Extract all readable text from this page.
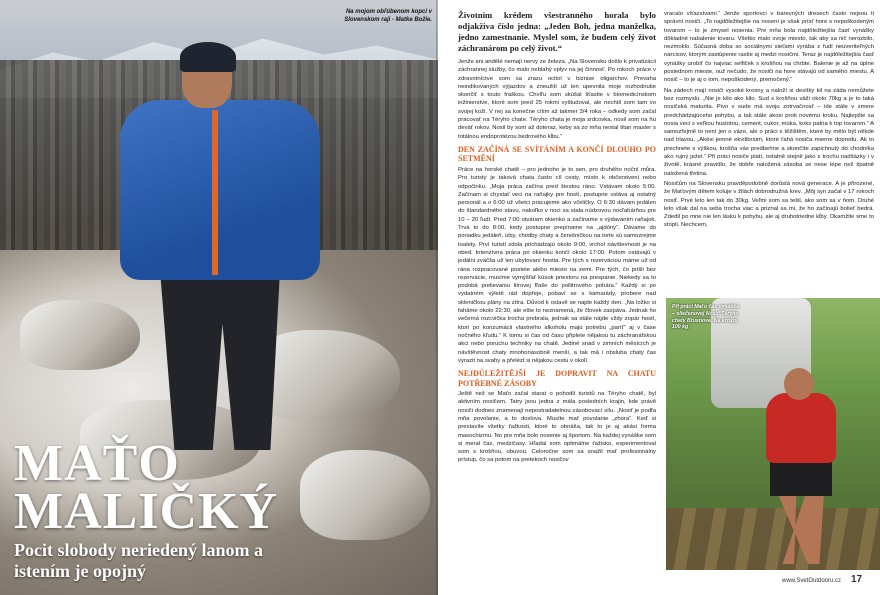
Na mojom obľúbenom kopci v Slovenskom raji - Matke Božie.
MAŤO
MALIČKÝ
Pocit slobody neriedený lanom a istením je opojný
Životním krédem všestranného horala bylo odjakživa číslo jedna: „Jeden Boh, jedna manželka, jedno zamestnanie. Myslel som, že budem celý život záchranárom po celý život.“

Jenže ani andělé nemají nervy ze železa. „Na Slovensku došlo k privatizácii záchrannej služby, čo malo neblahý vplyv na jej činnosť. Po rokoch práce v zdravotníctve som sa zrazu ocitol v biznise oligarchov. Prevaha neindikovaných výjazdov a zneužití už len upevnila moje rozhodnutie skončiť s touto fraškou. Chvíľu som skúšal šťastie v biomedicínskom inžinierstve, ktoré som pred 25 rokmi vyštudoval, ale nechtil som tam vo svojej koži. V nej sa konečne cítim až takmer 3/4 roka – odkedy som začal pracovať na Téryho chate. Téryho chata je moja srdcovka, nosil som na ňu deväť rokov. Nosil by som až doteraz, keby sa zo mňa nestal titan master s totálnou endoprotézou bedrového kĺbu.“

DEN ZAČÍNÁ SE SVÍTÁNÍM A KONČÍ DLOUHO PO SETMĚNÍ

Práce na horské chatě – pro jednoho je to sen, pro druhého noční můra. Pro turisty je taková chata často cíl cesty, místo k občerstvení nebo odpočinku. „Moja práca začína pred šiestou ráno. Vstávam okolo 5:00. Začínam si chystať veci na raňajky pre hostí, postupne vstáva aj ostatný personál a o 6:00 už všetci pracujeme ako včeličky. O 6:30 dávam jedálen do štandardného stavu, nakoľko v noci sa stala núdzovou nocľahárňou pre 10 – 20 ľudí. Pred 7:00 otváram okienko a začíname s výdavaním raňajok. Trvá to do 8:00, kedy postupne prepíname na „ajdóny“. Dávame do poriadku jedáleň, izby, chodby chaty a čerešničkou na torte sú samozrejme toalety. Prví turisti zdola prichádzajú okolo 9:00, vrchol návštevnosti je na obed. Intenzívna práca pri okienku končí okolo 17:00. Potom ostávajú v jedálni zväčša už len ubytovaní hostia. Pre tých s rezerváciou máme už od rána rozpracované postele alebo miesto na zemi. Pre tých, čo prišli bez rezervácie, musíme vymýšľať kúsok priestoru na prespanie. Niekedy sa to podobá prelievaniu litrovej fľaše do pollitrového pohára.“ Každý si po vydatném výletě rád dopřeje, pobaví se s kamarády, probere nad skleničkou plány na zítra. Důvod k oslavě se najde každý den. „Na ložko si faháme okolo 22:30, ale ešte to neznamená, že človek zaspáva. Jednak ho večerná rozcvička trocha prebrala, jednak sa stále nájde vždy zopár hostí, ktorí po konzumácii vlastného alkoholu majú potrebu „paríť“ aj v čase nočného kľudu.“ K tomu si čas od času připlete nějakou tu záchranářskou akci nebo poruchu techniky na chatě. Jediné snad v zimních měsících je návštěvnost chaty mnohonásobně menší, a tak má i obsluha chaty čas vyrazit na svahy a přelézt si nějakou cestu v okolí.

NEJDŮLEŽITĚJŠÍ JE DOPRAVIT NA CHATU POTŘEBNÉ ZÁSOBY

Ještě než se Maťo začal starat o pohodlí turistů na Téryho chatě, byl aktivním nosičem. Tatry jsou jedna z mála posledních krajin, kde právě nosiči dodnes znamenají nepostradatelnou zásobovací sílu. „Nosiť je podľa mňa povolanie, a to doslova. Musíte mať povolanie „zhora“. Keď si prestavíte všetky ťažkosti, ktoré to obnáša, tak to je aj akási forma masochizmu. No pre mňa bolo nosenie aj športom. Na každej vynáške som si meral čas, medzičasy. Hľadal som optimálne ťažisko, experimentoval som s krošňou, obuvou. Celoročne som sa snažil mať profesionálny prístup, čo sa potom na pretekoch nosičov

vracalo víťazstvami.“ Jenže sportovci v barevných dresech často nejsou ti správní nosiči. „To najdôležitejšie na nosení je však prísť hore s nepoškodeným tovarom – to je zmysel nosenia. Pre mňa bola najdôležitejšia časť vynášky dôkladné nabalenie tovaru. Všetko malo svoje miesto, tak aby sa nič nerozbilo, nezmoklo. Súčasná doba so sociálnymi sieťami vyrába z fudí neuveriteľných narcisov, ktorým zastúpenie rastie aj medzi nosičmi. Teraz je najdôležitejšia časť vynášky urobiť čo najviac selfiček s krošňou na chrbte. Balenie je až na úplne poslednom mieste, nuž nečudo, že nosiči na hore stávajú od samého miestu. A nosič – to je aj o tom, nepoškodený, premočený.“

Na zádech mají nosiči vysoké krosny a naloží si desítky kil na záda nemůžete bez rozmyslu. „Nie je kilo ako kilo. Sud s krošňou váži okolo 70kg a je to taká nosičská maturita. Pivo v sude má svoju zotrvačnosť – ide stále v smere predchádzajúceho pohybu, a tak stále akosi proti novému kroku. Najlepšie sa nosia veci s veľkou hustotou, cement, cukor, múka, koks patria k top tovarom.“ A samozřejmě to není jen o váze, ale o práci s těžištěm, které by mělo být někde nad hlavou. „Akési jemné ekvilibrium, ktoré ťahá nosiča mierne dopredu. Ak to prechnete s výškou, krošňa vás predbehne a skončíte zapichnutý do chodníka ako rujný ježel.“ Při práci nosiče platí, ostatně stejně jako s trochu nadšázky i v životě, krásné pravidlo, že dobře naložená zásoba se nese lépe než špatně naložená třetina.

Nosičům na Slovensku pravděpodobně dorůstá nová generace. A je přirozené, že Maťovým dětem koluje v žilách dobrodružná krev. „Môj syn začal v 17 rokoch nosiť. Prvé leto len tak do 30kg. Veľmi som sa tešil, ako som sa v ňom. Druhé leto však dal na seba trocha viac a priznal sa mi, že ho začínajú bolieť bedrá. Zdedil po mne nie len lásku k pohybu, ale aj druhotriedne kĺby. Okamžite sme to stopli. Nechcem,

Při práci Maťo čas vynáška – sliečenovej Nosič Téryho chaty Brusnova. Na krošni 100 kg
www.SvetOutdooru.cz 17
